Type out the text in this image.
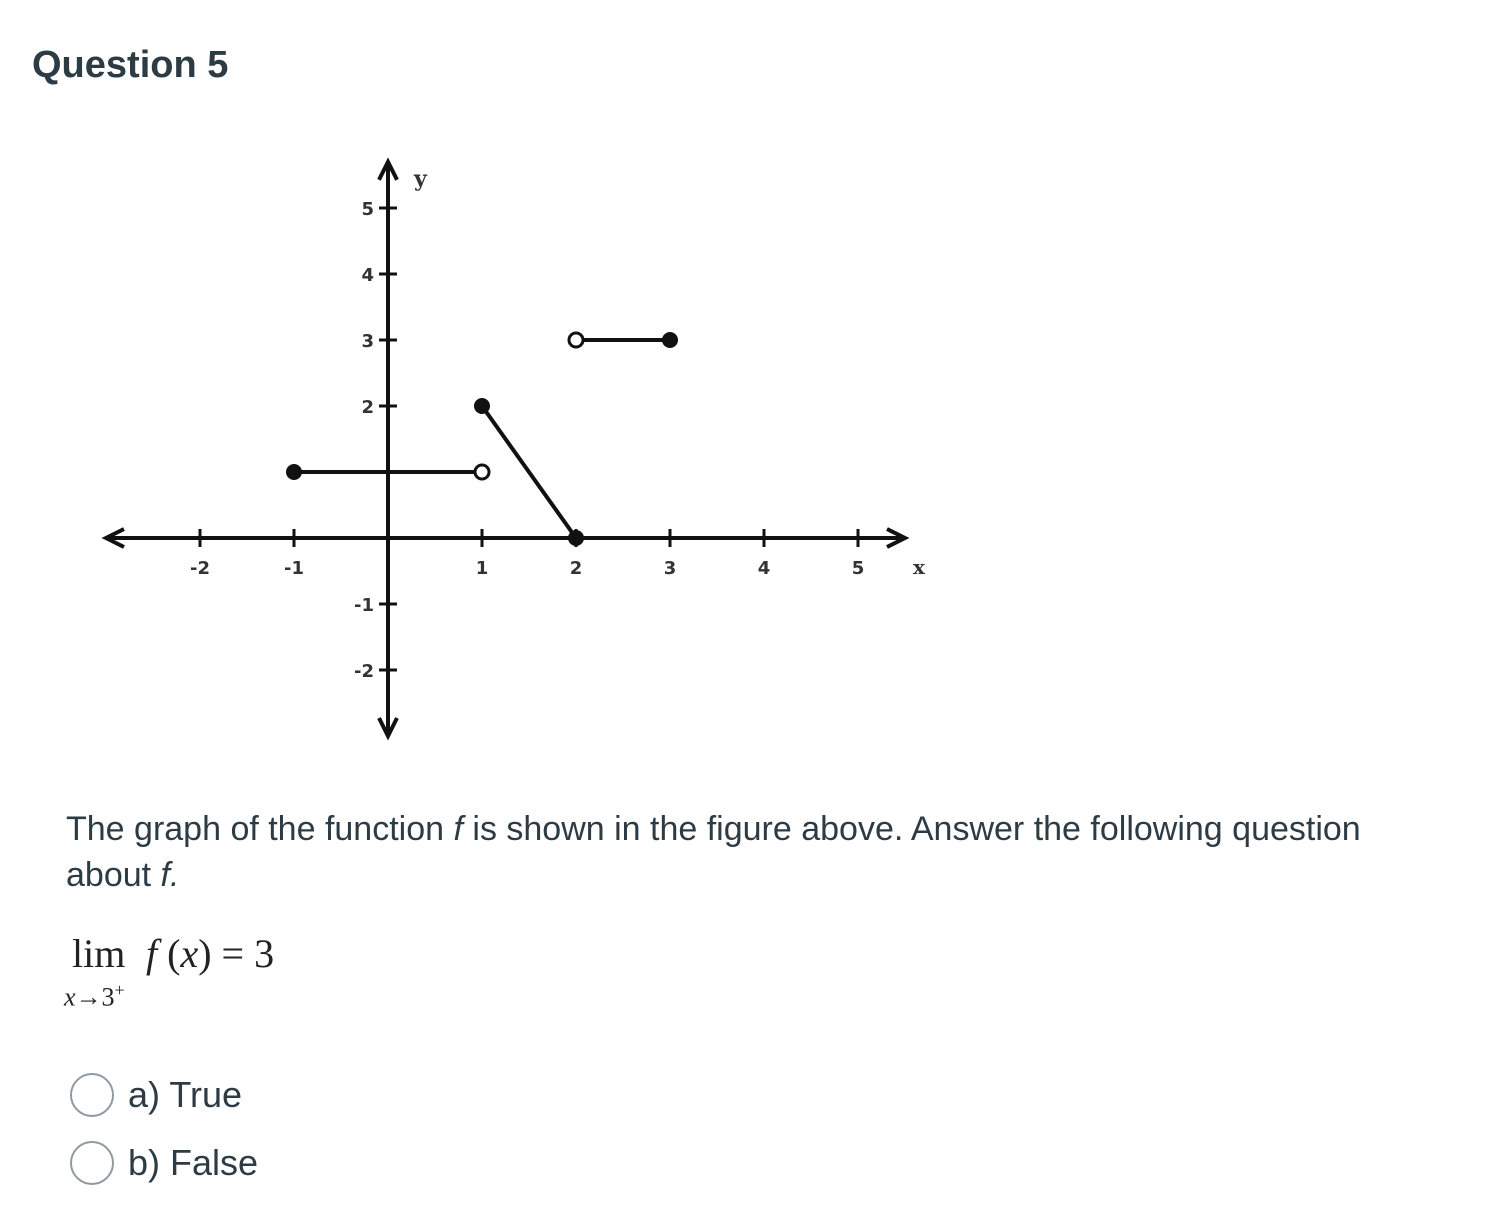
Question 5
-2	-1	1	2	3	4	5
-2
-1
2
3
4
5
x
y
The graph of the function f is shown in the figure above. Answer the following question about f.
lim
x→3+
f (x) = 3
a) True
b) False
